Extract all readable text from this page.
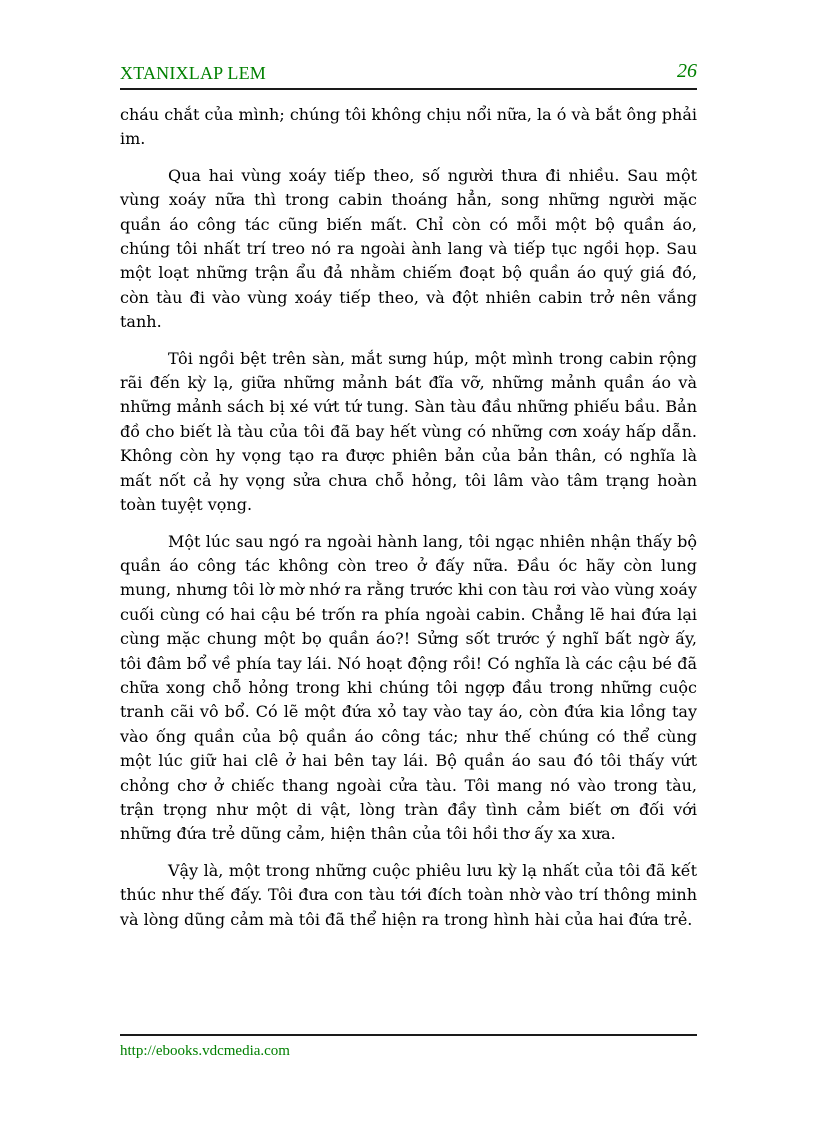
XTANIXLAP LEM	26

cháu chắt của mình; chúng tôi không chịu nổi nữa, la ó và bắt ông phải im.

Qua hai vùng xoáy tiếp theo, số người thưa đi nhiều. Sau một vùng xoáy nữa thì trong cabin thoáng hẳn, song những người mặc quần áo công tác cũng biến mất. Chỉ còn có mỗi một bộ quần áo, chúng tôi nhất trí treo nó ra ngoài ành lang và tiếp tục ngồi họp. Sau một loạt những trận ẩu đả nhằm chiếm đoạt bộ quần áo quý giá đó, còn tàu đi vào vùng xoáy tiếp theo, và đột nhiên cabin trở nên vắng tanh.

Tôi ngồi bệt trên sàn, mắt sưng húp, một mình trong cabin rộng rãi đến kỳ lạ, giữa những mảnh bát đĩa vỡ, những mảnh quần áo và những mảnh sách bị xé vứt tứ tung. Sàn tàu đầu những phiếu bầu. Bản đồ cho biết là tàu của tôi đã bay hết vùng có những cơn xoáy hấp dẫn. Không còn hy vọng tạo ra được phiên bản của bản thân, có nghĩa là mất nốt cả hy vọng sửa chưa chỗ hỏng, tôi lâm vào tâm trạng hoàn toàn tuyệt vọng.

Một lúc sau ngó ra ngoài hành lang, tôi ngạc nhiên nhận thấy bộ quần áo công tác không còn treo ở đấy nữa. Đầu óc hãy còn lung mung, nhưng tôi lờ mờ nhớ ra rằng trước khi con tàu rơi vào vùng xoáy cuối cùng có hai cậu bé trốn ra phía ngoài cabin. Chẳng lẽ hai đứa lại cùng mặc chung một bọ quần áo?! Sửng sốt trước ý nghĩ bất ngờ ấy, tôi đâm bổ về phía tay lái. Nó hoạt động rồi! Có nghĩa là các cậu bé đã chữa xong chỗ hỏng trong khi chúng tôi ngợp đầu trong những cuộc tranh cãi vô bổ. Có lẽ một đứa xỏ tay vào tay áo, còn đứa kia lồng tay vào ống quần của bộ quần áo công tác; như thế chúng có thể cùng một lúc giữ hai clê ở hai bên tay lái. Bộ quần áo sau đó tôi thấy vứt chỏng chơ ở chiếc thang ngoài cửa tàu. Tôi mang nó vào trong tàu, trận trọng như một di vật, lòng tràn đầy tình cảm biết ơn đối với những đứa trẻ dũng cảm, hiện thân của tôi hồi thơ ấy xa xưa.

Vậy là, một trong những cuộc phiêu lưu kỳ lạ nhất của tôi đã kết thúc như thế đấy. Tôi đưa con tàu tới đích toàn nhờ vào trí thông minh và lòng dũng cảm mà tôi đã thể hiện ra trong hình hài của hai đứa trẻ.

http://ebooks.vdcmedia.com
